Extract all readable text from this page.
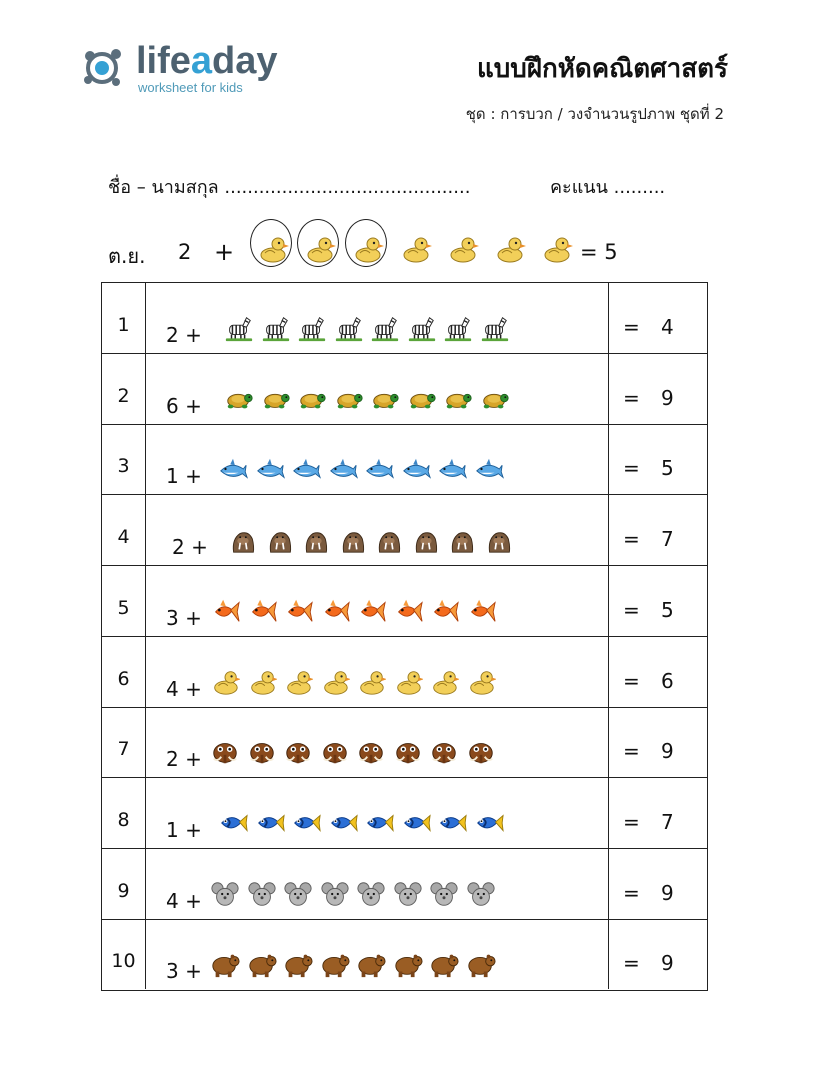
lifeaday
worksheet for kids
แบบฝึกหัดคณิตศาสตร์
ชุด : การบวก / วงจำนวนรูปภาพ ชุดที่ 2
ชื่อ – นามสกุล ...........................................	คะแนน .........
ต.ย. 2 +	= 5
1	2 +	= 4
2	6 +	= 9
3	1 +	= 5
4	2 +	= 7
5	3 +	= 5
6	4 +	= 6
7	2 +	= 9
8	1 +	= 7
9	4 +	= 9
10	3 +	= 9
